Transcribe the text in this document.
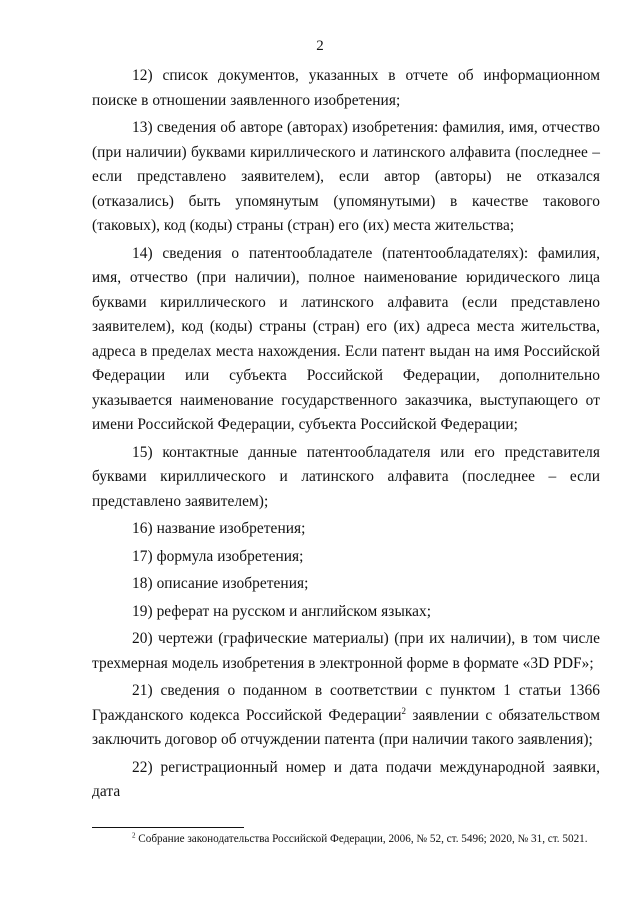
2

12) список документов, указанных в отчете об информационном поиске в отношении заявленного изобретения;

13) сведения об авторе (авторах) изобретения: фамилия, имя, отчество (при наличии) буквами кириллического и латинского алфавита (последнее – если представлено заявителем), если автор (авторы) не отказался (отказались) быть упомянутым (упомянутыми) в качестве такового (таковых), код (коды) страны (стран) его (их) места жительства;

14) сведения о патентообладателе (патентообладателях): фамилия, имя, отчество (при наличии), полное наименование юридического лица буквами кириллического и латинского алфавита (если представлено заявителем), код (коды) страны (стран) его (их) адреса места жительства, адреса в пределах места нахождения. Если патент выдан на имя Российской Федерации или субъекта Российской Федерации, дополнительно указывается наименование государственного заказчика, выступающего от имени Российской Федерации, субъекта Российской Федерации;

15) контактные данные патентообладателя или его представителя буквами кириллического и латинского алфавита (последнее – если представлено заявителем);

16) название изобретения;

17) формула изобретения;

18) описание изобретения;

19) реферат на русском и английском языках;

20) чертежи (графические материалы) (при их наличии), в том числе трехмерная модель изобретения в электронной форме в формате «3D PDF»;

21) сведения о поданном в соответствии с пунктом 1 статьи 1366 Гражданского кодекса Российской Федерации$^2$ заявлении с обязательством заключить договор об отчуждении патента (при наличии такого заявления);

22) регистрационный номер и дата подачи международной заявки, дата

$^2$ Собрание законодательства Российской Федерации, 2006, № 52, ст. 5496; 2020, № 31, ст. 5021.
